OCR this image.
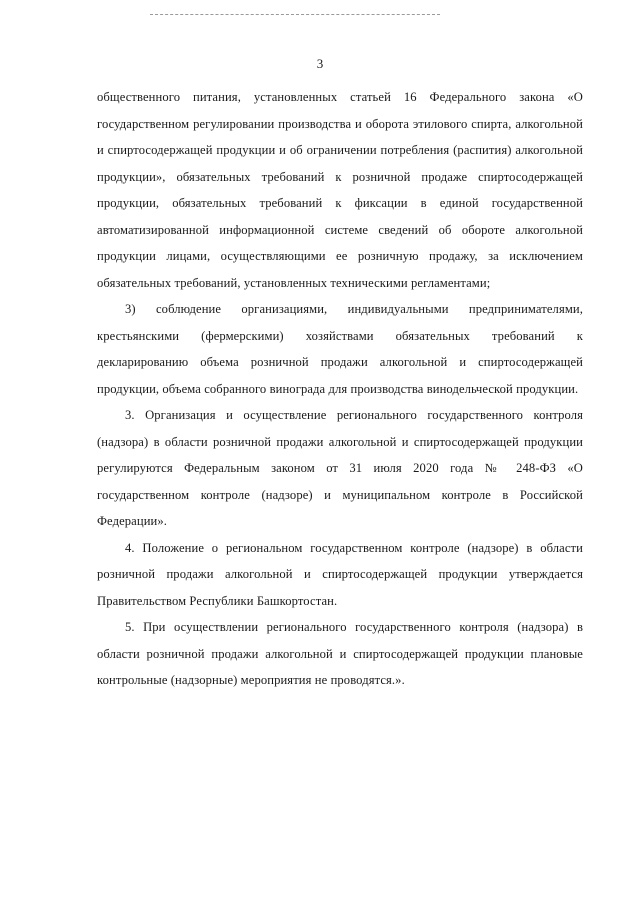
3

общественного питания, установленных статьей 16 Федерального закона «О государственном регулировании производства и оборота этилового спирта, алкогольной и спиртосодержащей продукции и об ограничении потребления (распития) алкогольной продукции», обязательных требований к розничной продаже спиртосодержащей продукции, обязательных требований к фиксации в единой государственной автоматизированной информационной системе сведений об обороте алкогольной продукции лицами, осуществляющими ее розничную продажу, за исключением обязательных требований, установленных техническими регламентами;

3) соблюдение организациями, индивидуальными предпринимателями, крестьянскими (фермерскими) хозяйствами обязательных требований к декларированию объема розничной продажи алкогольной и спиртосодержащей продукции, объема собранного винограда для производства винодельческой продукции.

3. Организация и осуществление регионального государственного контроля (надзора) в области розничной продажи алкогольной и спиртосодержащей продукции регулируются Федеральным законом от 31 июля 2020 года № 248-ФЗ «О государственном контроле (надзоре) и муниципальном контроле в Российской Федерации».

4. Положение о региональном государственном контроле (надзоре) в области розничной продажи алкогольной и спиртосодержащей продукции утверждается Правительством Республики Башкортостан.

5. При осуществлении регионального государственного контроля (надзора) в области розничной продажи алкогольной и спиртосодержащей продукции плановые контрольные (надзорные) мероприятия не проводятся.».
